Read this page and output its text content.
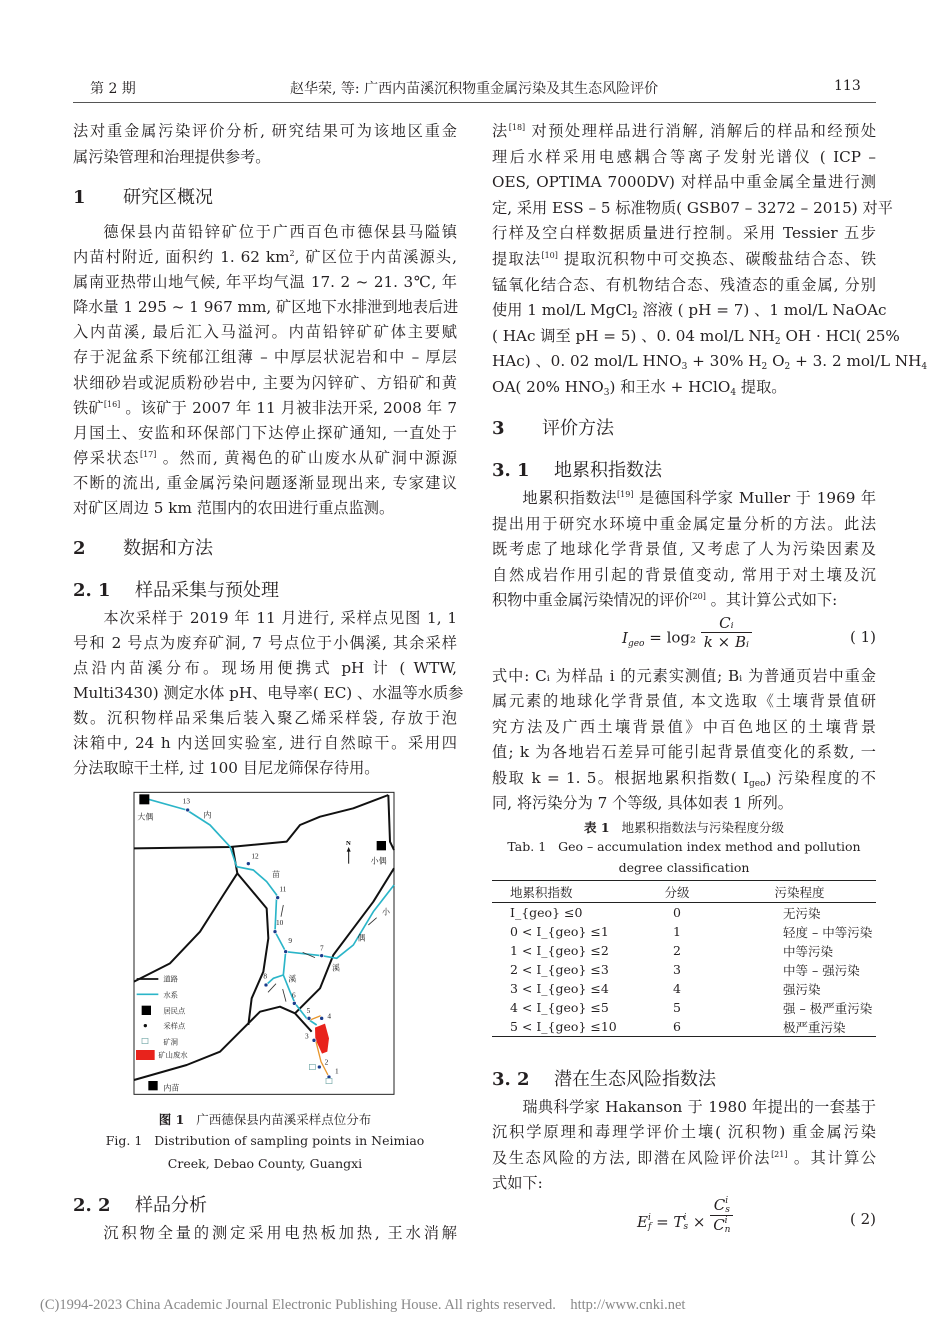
第 2 期	赵华荣, 等: 广西内苗溪沉积物重金属污染及其生态风险评价	113
法对重金属污染评价分析, 研究结果可为该地区重金
属污染管理和治理提供参考。
1 研究区概况
德保县内苗铅锌矿位于广西百色市德保县马隘镇
内苗村附近, 面积约 1. 62 $km^2$, 矿区位于内苗溪源头,
属南亚热带山地气候, 年平均气温 17. 2 ~ 21. 3℃, 年
降水量 1 295 ~ 1 967 mm, 矿区地下水排泄到地表后进
入内苗溪, 最后汇入马溢河。内苗铅锌矿矿体主要赋
存于泥盆系下统郁江组薄 – 中厚层状泥岩和中 – 厚层
状细砂岩或泥质粉砂岩中, 主要为闪锌矿、方铅矿和黄
铁矿[16] 。该矿于 2007 年 11 月被非法开采, 2008 年 7
月国土、安监和环保部门下达停止探矿通知, 一直处于
停采状态[17] 。然而, 黄褐色的矿山废水从矿洞中源源
不断的流出, 重金属污染问题逐渐显现出来, 专家建议
对矿区周边 5 km 范围内的农田进行重点监测。
2 数据和方法
2. 1 样品采集与预处理
本次采样于 2019 年 11 月进行, 采样点见图 1, 1
号和 2 号点为废弃矿洞, 7 号点位于小偶溪, 其余采样
点沿内苗溪分布。现场用便携式 pH 计 ( WTW,
Multi3430) 测定水体 pH、电导率( EC) 、水温等水质参
数。沉积物样品采集后装入聚乙烯采样袋, 存放于泡
沫箱中, 24 h 内送回实验室, 进行自然晾干。采用四
分法取晾干土样, 过 100 目尼龙筛保存待用。
大偶
小偶
内苗
内
苗
溪
小
偶
溪
N
1
2
3
4
5
6
7
8
9
10
11
12
13
道路
水系
居民点
采样点
矿洞
矿山废水
图 1 广西德保县内苗溪采样点位分布
Fig. 1 Distribution of sampling points in Neimiao
Creek, Debao County, Guangxi
2. 2 样品分析
沉积物全量的测定采用电热板加热, 王水消解
法[18] 对预处理样品进行消解, 消解后的样品和经预处
理后水样采用电感耦合等离子发射光谱仪 ( ICP –
OES, OPTIMA 7000DV) 对样品中重金属全量进行测
定, 采用 ESS – 5 标准物质( GSB07 – 3272 – 2015) 对平
行样及空白样数据质量进行控制。采用 Tessier 五步
提取法[10] 提取沉积物中可交换态、碳酸盐结合态、铁
锰氧化结合态、有机物结合态、残渣态的重金属, 分别
使用 1 mol/L MgCl$_2$ 溶液 ( pH = 7) 、1 mol/L NaOAc
( HAc 调至 pH = 5) 、0. 04 mol/L $NH_2$ OH · HCl( 25%
HAc) 、0. 02 mol/L $HNO_3 + 30\%$ $H_2$ $O_2 + 3$. 2 mol/L $NH_4$
OA( 20% $HNO_3$) 和王水 + HClO$_4$ 提取。
3 评价方法
3. 1 地累积指数法
地累积指数法[19] 是德国科学家 Muller 于 1969 年
提出用于研究水环境中重金属定量分析的方法。此法
既考虑了地球化学背景值, 又考虑了人为污染因素及
自然成岩作用引起的背景值变动, 常用于对土壤及沉
积物中重金属污染情况的评价[20] 。其计算公式如下:
$I_{geo} = \log_2 \frac{\text{Cᵢ}}{\text{k × Bᵢ}}$	( 1)
式中: Cᵢ 为样品 i 的元素实测值; Bᵢ 为普通页岩中重金
属元素的地球化学背景值, 本文选取《土壤背景值研
究方法及广西土壤背景值》中百色地区的土壤背景
值; k 为各地岩石差异可能引起背景值变化的系数, 一
般取 k = 1. 5。根据地累积指数( $I_{geo}$) 污染程度的不
同, 将污染分为 7 个等级, 具体如表 1 所列。
表 1 地累积指数法与污染程度分级
Tab. 1 Geo – accumulation index method and pollution
degree classification
地累积指数	分级	污染程度
I_{geo} ≤0	0	无污染
0 < I_{geo} ≤1	1	轻度 – 中等污染
1 < I_{geo} ≤2	2	中等污染
2 < I_{geo} ≤3	3	中等 – 强污染
3 < I_{geo} ≤4	4	强污染
4 < I_{geo} ≤5	5	强 – 极严重污染
5 < I_{geo} ≤10	6	极严重污染
3. 2 潜在生态风险指数法
瑞典科学家 Hakanson 于 1980 年提出的一套基于
沉积学原理和毒理学评价土壤( 沉积物) 重金属污染
及生态风险的方法, 即潜在风险评价法[21] 。其计算公
式如下:
Ei
f = Ti
s ×
Ci
s
Ci
n
( 2)
(C)1994-2023 China Academic Journal Electronic Publishing House. All rights reserved. http://www.cnki.net
